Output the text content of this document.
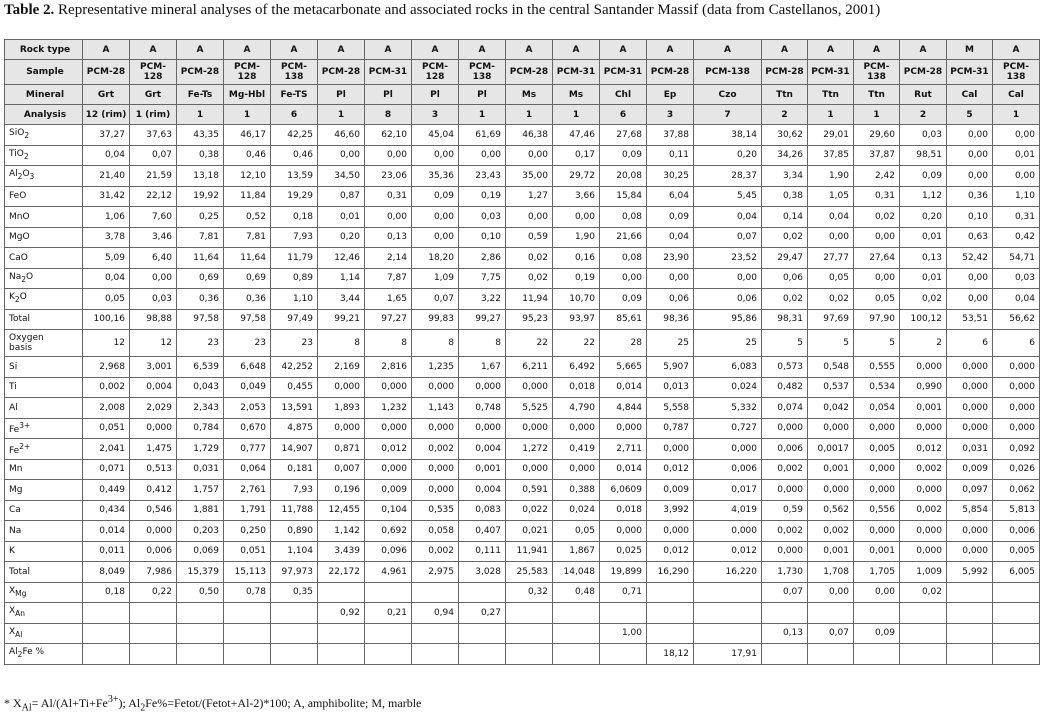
Table 2. Representative mineral analyses of the metacarbonate and associated rocks in the central Santander Massif (data from Castellanos, 2001)
Rock type	A	A	A	A	A	A	A	A	A	A	A	A	A	A	A	A	A	A	M	A
Sample	PCM-28	PCM-128	PCM-28	PCM-128	PCM-138	PCM-28	PCM-31	PCM-128	PCM-138	PCM-28	PCM-31	PCM-31	PCM-28	PCM-138	PCM-28	PCM-31	PCM-138	PCM-28	PCM-31	PCM-138
Mineral	Grt	Grt	Fe-Ts	Mg-Hbl	Fe-TS	Pl	Pl	Pl	Pl	Ms	Ms	Chl	Ep	Czo	Ttn	Ttn	Ttn	Rut	Cal	Cal
Analysis	12 (rim)	1 (rim)	1	1	6	1	8	3	1	1	1	6	3	7	2	1	1	2	5	1
SiO$_2$	37,27	37,63	43,35	46,17	42,25	46,60	62,10	45,04	61,69	46,38	47,46	27,68	37,88	38,14	30,62	29,01	29,60	0,03	0,00	0,00
TiO$_2$	0,04	0,07	0,38	0,46	0,46	0,00	0,00	0,00	0,00	0,00	0,17	0,09	0,11	0,20	34,26	37,85	37,87	98,51	0,00	0,01
$Al_2O_3$	21,40	21,59	13,18	12,10	13,59	34,50	23,06	35,36	23,43	35,00	29,72	20,08	30,25	28,37	3,34	1,90	2,42	0,09	0,00	0,00
FeO	31,42	22,12	19,92	11,84	19,29	0,87	0,31	0,09	0,19	1,27	3,66	15,84	6,04	5,45	0,38	1,05	0,31	1,12	0,36	1,10
MnO	1,06	7,60	0,25	0,52	0,18	0,01	0,00	0,00	0,03	0,00	0,00	0,08	0,09	0,04	0,14	0,04	0,02	0,20	0,10	0,31
MgO	3,78	3,46	7,81	7,81	7,93	0,20	0,13	0,00	0,10	0,59	1,90	21,66	0,04	0,07	0,02	0,00	0,00	0,01	0,63	0,42
CaO	5,09	6,40	11,64	11,64	11,79	12,46	2,14	18,20	2,86	0,02	0,16	0,08	23,90	23,52	29,47	27,77	27,64	0,13	52,42	54,71
$Na_2O$	0,04	0,00	0,69	0,69	0,89	1,14	7,87	1,09	7,75	0,02	0,19	0,00	0,00	0,00	0,06	0,05	0,00	0,01	0,00	0,03
$K_2O$	0,05	0,03	0,36	0,36	1,10	3,44	1,65	0,07	3,22	11,94	10,70	0,09	0,06	0,06	0,02	0,02	0,05	0,02	0,00	0,04
Total	100,16	98,88	97,58	97,58	97,49	99,21	97,27	99,83	99,27	95,23	93,97	85,61	98,36	95,86	98,31	97,69	97,90	100,12	53,51	56,62
Oxygen
basis	12	12	23	23	23	8	8	8	8	22	22	28	25	25	5	5	5	2	6	6
Si	2,968	3,001	6,539	6,648	42,252	2,169	2,816	1,235	1,67	6,211	6,492	5,665	5,907	6,083	0,573	0,548	0,555	0,000	0,000	0,000
Ti	0,002	0,004	0,043	0,049	0,455	0,000	0,000	0,000	0,000	0,000	0,018	0,014	0,013	0,024	0,482	0,537	0,534	0,990	0,000	0,000
Al	2,008	2,029	2,343	2,053	13,591	1,893	1,232	1,143	0,748	5,525	4,790	4,844	5,558	5,332	0,074	0,042	0,054	0,001	0,000	0,000
$Fe^{3+}$	0,051	0,000	0,784	0,670	4,875	0,000	0,000	0,000	0,000	0,000	0,000	0,000	0,787	0,727	0,000	0,000	0,000	0,000	0,000	0,000
$Fe^{2+}$	2,041	1,475	1,729	0,777	14,907	0,871	0,012	0,002	0,004	1,272	0,419	2,711	0,000	0,000	0,006	0,0017	0,005	0,012	0,031	0,092
Mn	0,071	0,513	0,031	0,064	0,181	0,007	0,000	0,000	0,001	0,000	0,000	0,014	0,012	0,006	0,002	0,001	0,000	0,002	0,009	0,026
Mg	0,449	0,412	1,757	2,761	7,93	0,196	0,009	0,000	0,004	0,591	0,388	6,0609	0,009	0,017	0,000	0,000	0,000	0,000	0,097	0,062
Ca	0,434	0,546	1,881	1,791	11,788	12,455	0,104	0,535	0,083	0,022	0,024	0,018	3,992	4,019	0,59	0,562	0,556	0,002	5,854	5,813
Na	0,014	0,000	0,203	0,250	0,890	1,142	0,692	0,058	0,407	0,021	0,05	0,000	0,000	0,000	0,002	0,002	0,000	0,000	0,000	0,006
K	0,011	0,006	0,069	0,051	1,104	3,439	0,096	0,002	0,111	11,941	1,867	0,025	0,012	0,012	0,000	0,001	0,001	0,000	0,000	0,005
Total	8,049	7,986	15,379	15,113	97,973	22,172	4,961	2,975	3,028	25,583	14,048	19,899	16,290	16,220	1,730	1,708	1,705	1,009	5,992	6,005
$X_{Mg}$	0,18	0,22	0,50	0,78	0,35					0,32	0,48	0,71			0,07	0,00	0,00	0,02		
$X_{An}$						0,92	0,21	0,94	0,27											
$X_{Al}$												1,00			0,13	0,07	0,09			
$Al_2Fe$ %													18,12	17,91						
* $X_{Al}= Al/(Al+Ti+Fe^{3+})$; $Al_2Fe\%=Fetot/(Fetot+Al-2)*100$; A, amphibolite; M, marble
